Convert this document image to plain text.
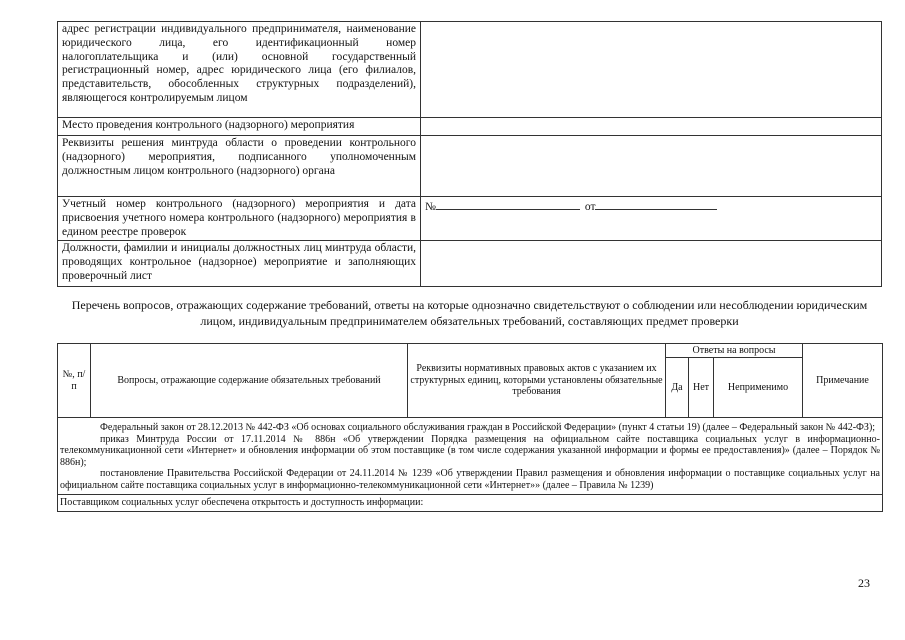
адрес регистрации индивидуального предпринимателя, наименование юридического лица, его идентификационный номер налогоплательщика и (или) основной государственный регистрационный номер, адрес юридического лица (его филиалов, представительств, обособленных структурных подразделений), являющегося контролируемым лицом	
Место проведения контрольного (надзорного) мероприятия	
Реквизиты решения минтруда области о проведении контрольного (надзорного) мероприятия, подписанного уполномоченным должностным лицом контрольного (надзорного) органа	
Учетный номер контрольного (надзорного) мероприятия и дата присвоения учетного номера контрольного (надзорного) мероприятия в едином реестре проверок	№ от
Должности, фамилии и инициалы должностных лиц минтруда области, проводящих контрольное (надзорное) мероприятие и заполняющих проверочный лист	
Перечень вопросов, отражающих содержание требований, ответы на которые однозначно свидетельствуют о соблюдении или несоблюдении юридическим лицом, индивидуальным предпринимателем обязательных требований, составляющих предмет проверки
№, п/п	Вопросы, отражающие содержание обязательных требований	Реквизиты нормативных правовых актов с указанием их структурных единиц, которыми установлены обязательные требования	Ответы на вопросы			Примечание
			Да	Нет	Неприменимо	

Федеральный закон от 28.12.2013 № 442-ФЗ «Об основах социального обслуживания граждан в Российской Федерации» (пункт 4 статьи 19) (далее – Федеральный закон № 442-ФЗ);

приказ Минтруда России от 17.11.2014 № 886н «Об утверждении Порядка размещения на официальном сайте поставщика социальных услуг в информационно-телекоммуникационной сети «Интернет» и обновления информации об этом поставщике (в том числе содержания указанной информации и формы ее предоставления)» (далее – Порядок № 886н);

постановление Правительства Российской Федерации от 24.11.2014 № 1239 «Об утверждении Правил размещения и обновления информации о поставщике социальных услуг на официальном сайте поставщика социальных услуг в информационно-телекоммуникационной сети «Интернет»» (далее – Правила № 1239)						

Поставщиком социальных услуг обеспечена открытость и доступность информации:						
23
